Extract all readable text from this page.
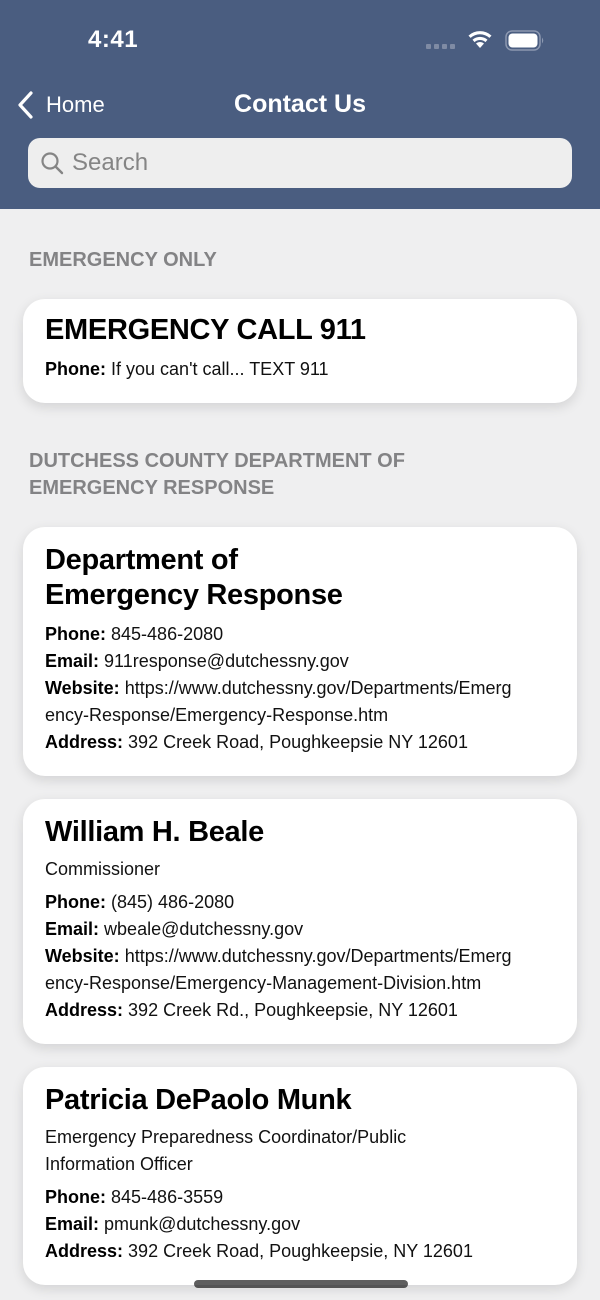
4:41
Home	Contact Us
Search
EMERGENCY ONLY
EMERGENCY CALL 911
Phone: If you can't call... TEXT 911
DUTCHESS COUNTY DEPARTMENT OF EMERGENCY RESPONSE
Department of Emergency Response
Phone: 845-486-2080
Email: 911response@dutchessny.gov
Website: https://www.dutchessny.gov/Departments/Emergency-Response/Emergency-Response.htm
Address: 392 Creek Road, Poughkeepsie NY 12601
William H. Beale
Commissioner
Phone: (845) 486-2080
Email: wbeale@dutchessny.gov
Website: https://www.dutchessny.gov/Departments/Emergency-Response/Emergency-Management-Division.htm
Address: 392 Creek Rd., Poughkeepsie, NY 12601
Patricia DePaolo Munk
Emergency Preparedness Coordinator/Public Information Officer
Phone: 845-486-3559
Email: pmunk@dutchessny.gov
Address: 392 Creek Road, Poughkeepsie, NY 12601
